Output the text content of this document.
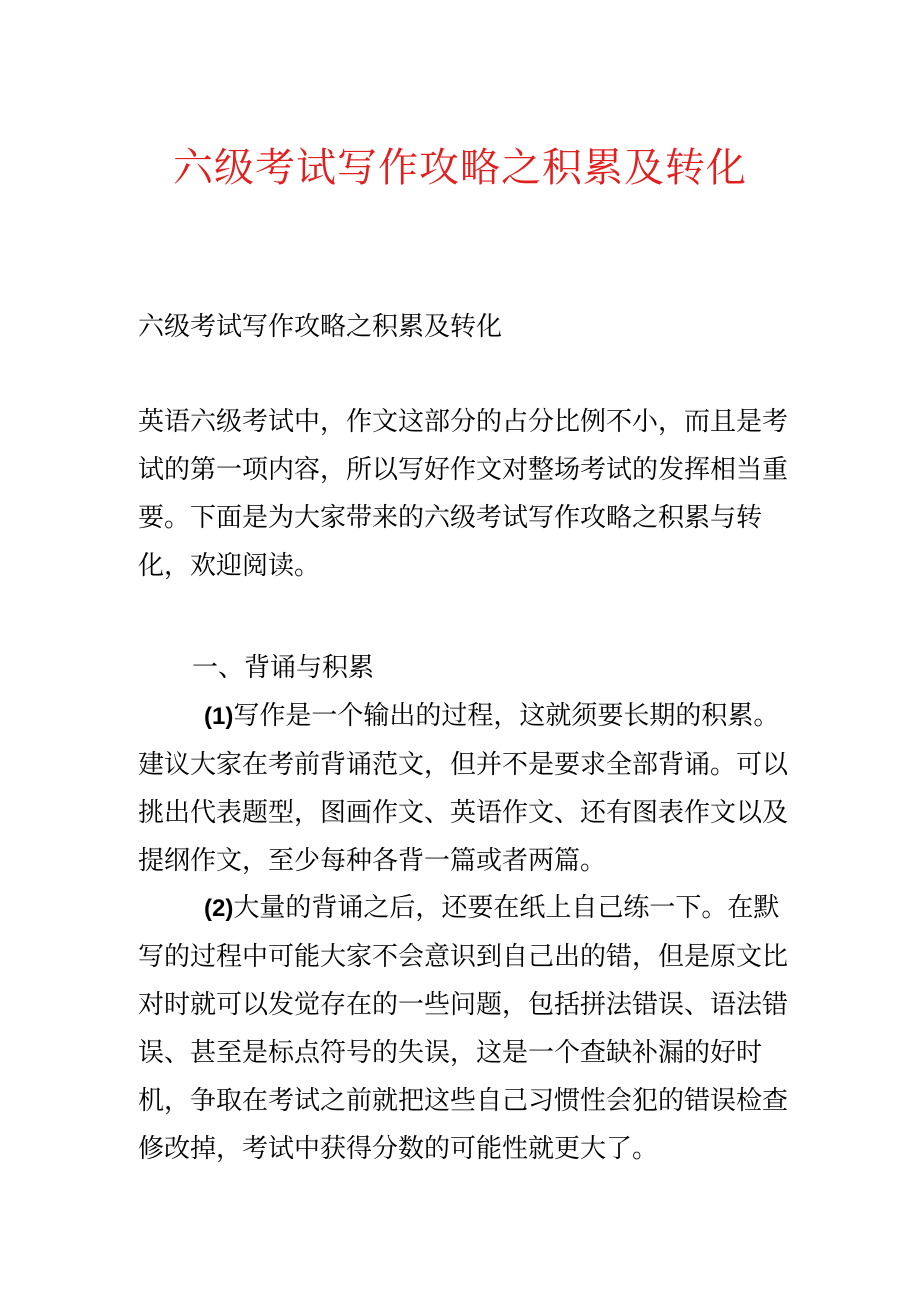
六级考试写作攻略之积累及转化

六级考试写作攻略之积累及转化

英语六级考试中，作文这部分的占分比例不小，而且是考试的第一项内容，所以写好作文对整场考试的发挥相当重要。下面是为大家带来的六级考试写作攻略之积累与转化，欢迎阅读。

一、背诵与积累

(1)写作是一个输出的过程，这就须要长期的积累。建议大家在考前背诵范文，但并不是要求全部背诵。可以挑出代表题型，图画作文、英语作文、还有图表作文以及提纲作文，至少每种各背一篇或者两篇。

(2)大量的背诵之后，还要在纸上自己练一下。在默写的过程中可能大家不会意识到自己出的错，但是原文比对时就可以发觉存在的一些问题，包括拼法错误、语法错误、甚至是标点符号的失误，这是一个查缺补漏的好时机，争取在考试之前就把这些自己习惯性会犯的错误检查修改掉，考试中获得分数的可能性就更大了。
